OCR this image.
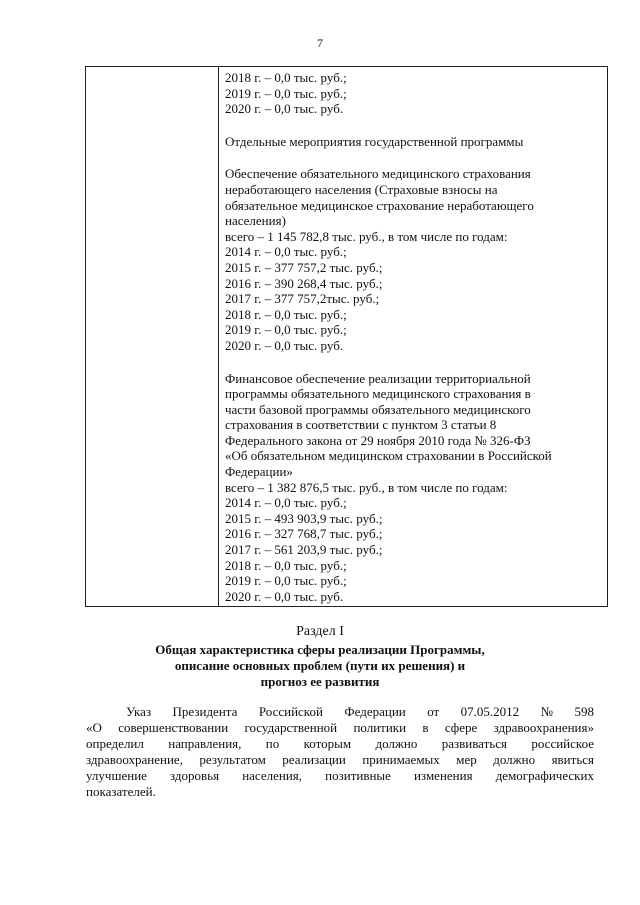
7
2018 г. – 0,0 тыс. руб.;
2019 г. – 0,0 тыс. руб.;
2020 г. – 0,0 тыс. руб.
Отдельные мероприятия государственной программы
Обеспечение обязательного медицинского страхования
неработающего населения (Страховые взносы на
обязательное медицинское страхование неработающего
населения)
всего – 1 145 782,8 тыс. руб., в том числе по годам:
2014 г. – 0,0 тыс. руб.;
2015 г. – 377 757,2 тыс. руб.;
2016 г. – 390 268,4 тыс. руб.;
2017 г. – 377 757,2тыс. руб.;
2018 г. – 0,0 тыс. руб.;
2019 г. – 0,0 тыс. руб.;
2020 г. – 0,0 тыс. руб.
Финансовое обеспечение реализации территориальной
программы обязательного медицинского страхования в
части базовой программы обязательного медицинского
страхования в соответствии с пунктом 3 статьи 8
Федерального закона от 29 ноября 2010 года № 326-ФЗ
«Об обязательном медицинском страховании в Российской
Федерации»
всего – 1 382 876,5 тыс. руб., в том числе по годам:
2014 г. – 0,0 тыс. руб.;
2015 г. – 493 903,9 тыс. руб.;
2016 г. – 327 768,7 тыс. руб.;
2017 г. – 561 203,9 тыс. руб.;
2018 г. – 0,0 тыс. руб.;
2019 г. – 0,0 тыс. руб.;
2020 г. – 0,0 тыс. руб.
Раздел I
Общая характеристика сферы реализации Программы,
описание основных проблем (пути их решения) и
прогноз ее развития
Указ Президента Российской Федерации от 07.05.2012 № 598
«О совершенствовании государственной политики в сфере здравоохранения»
определил направления, по которым должно развиваться российское
здравоохранение, результатом реализации принимаемых мер должно явиться
улучшение здоровья населения, позитивные изменения демографических
показателей.
